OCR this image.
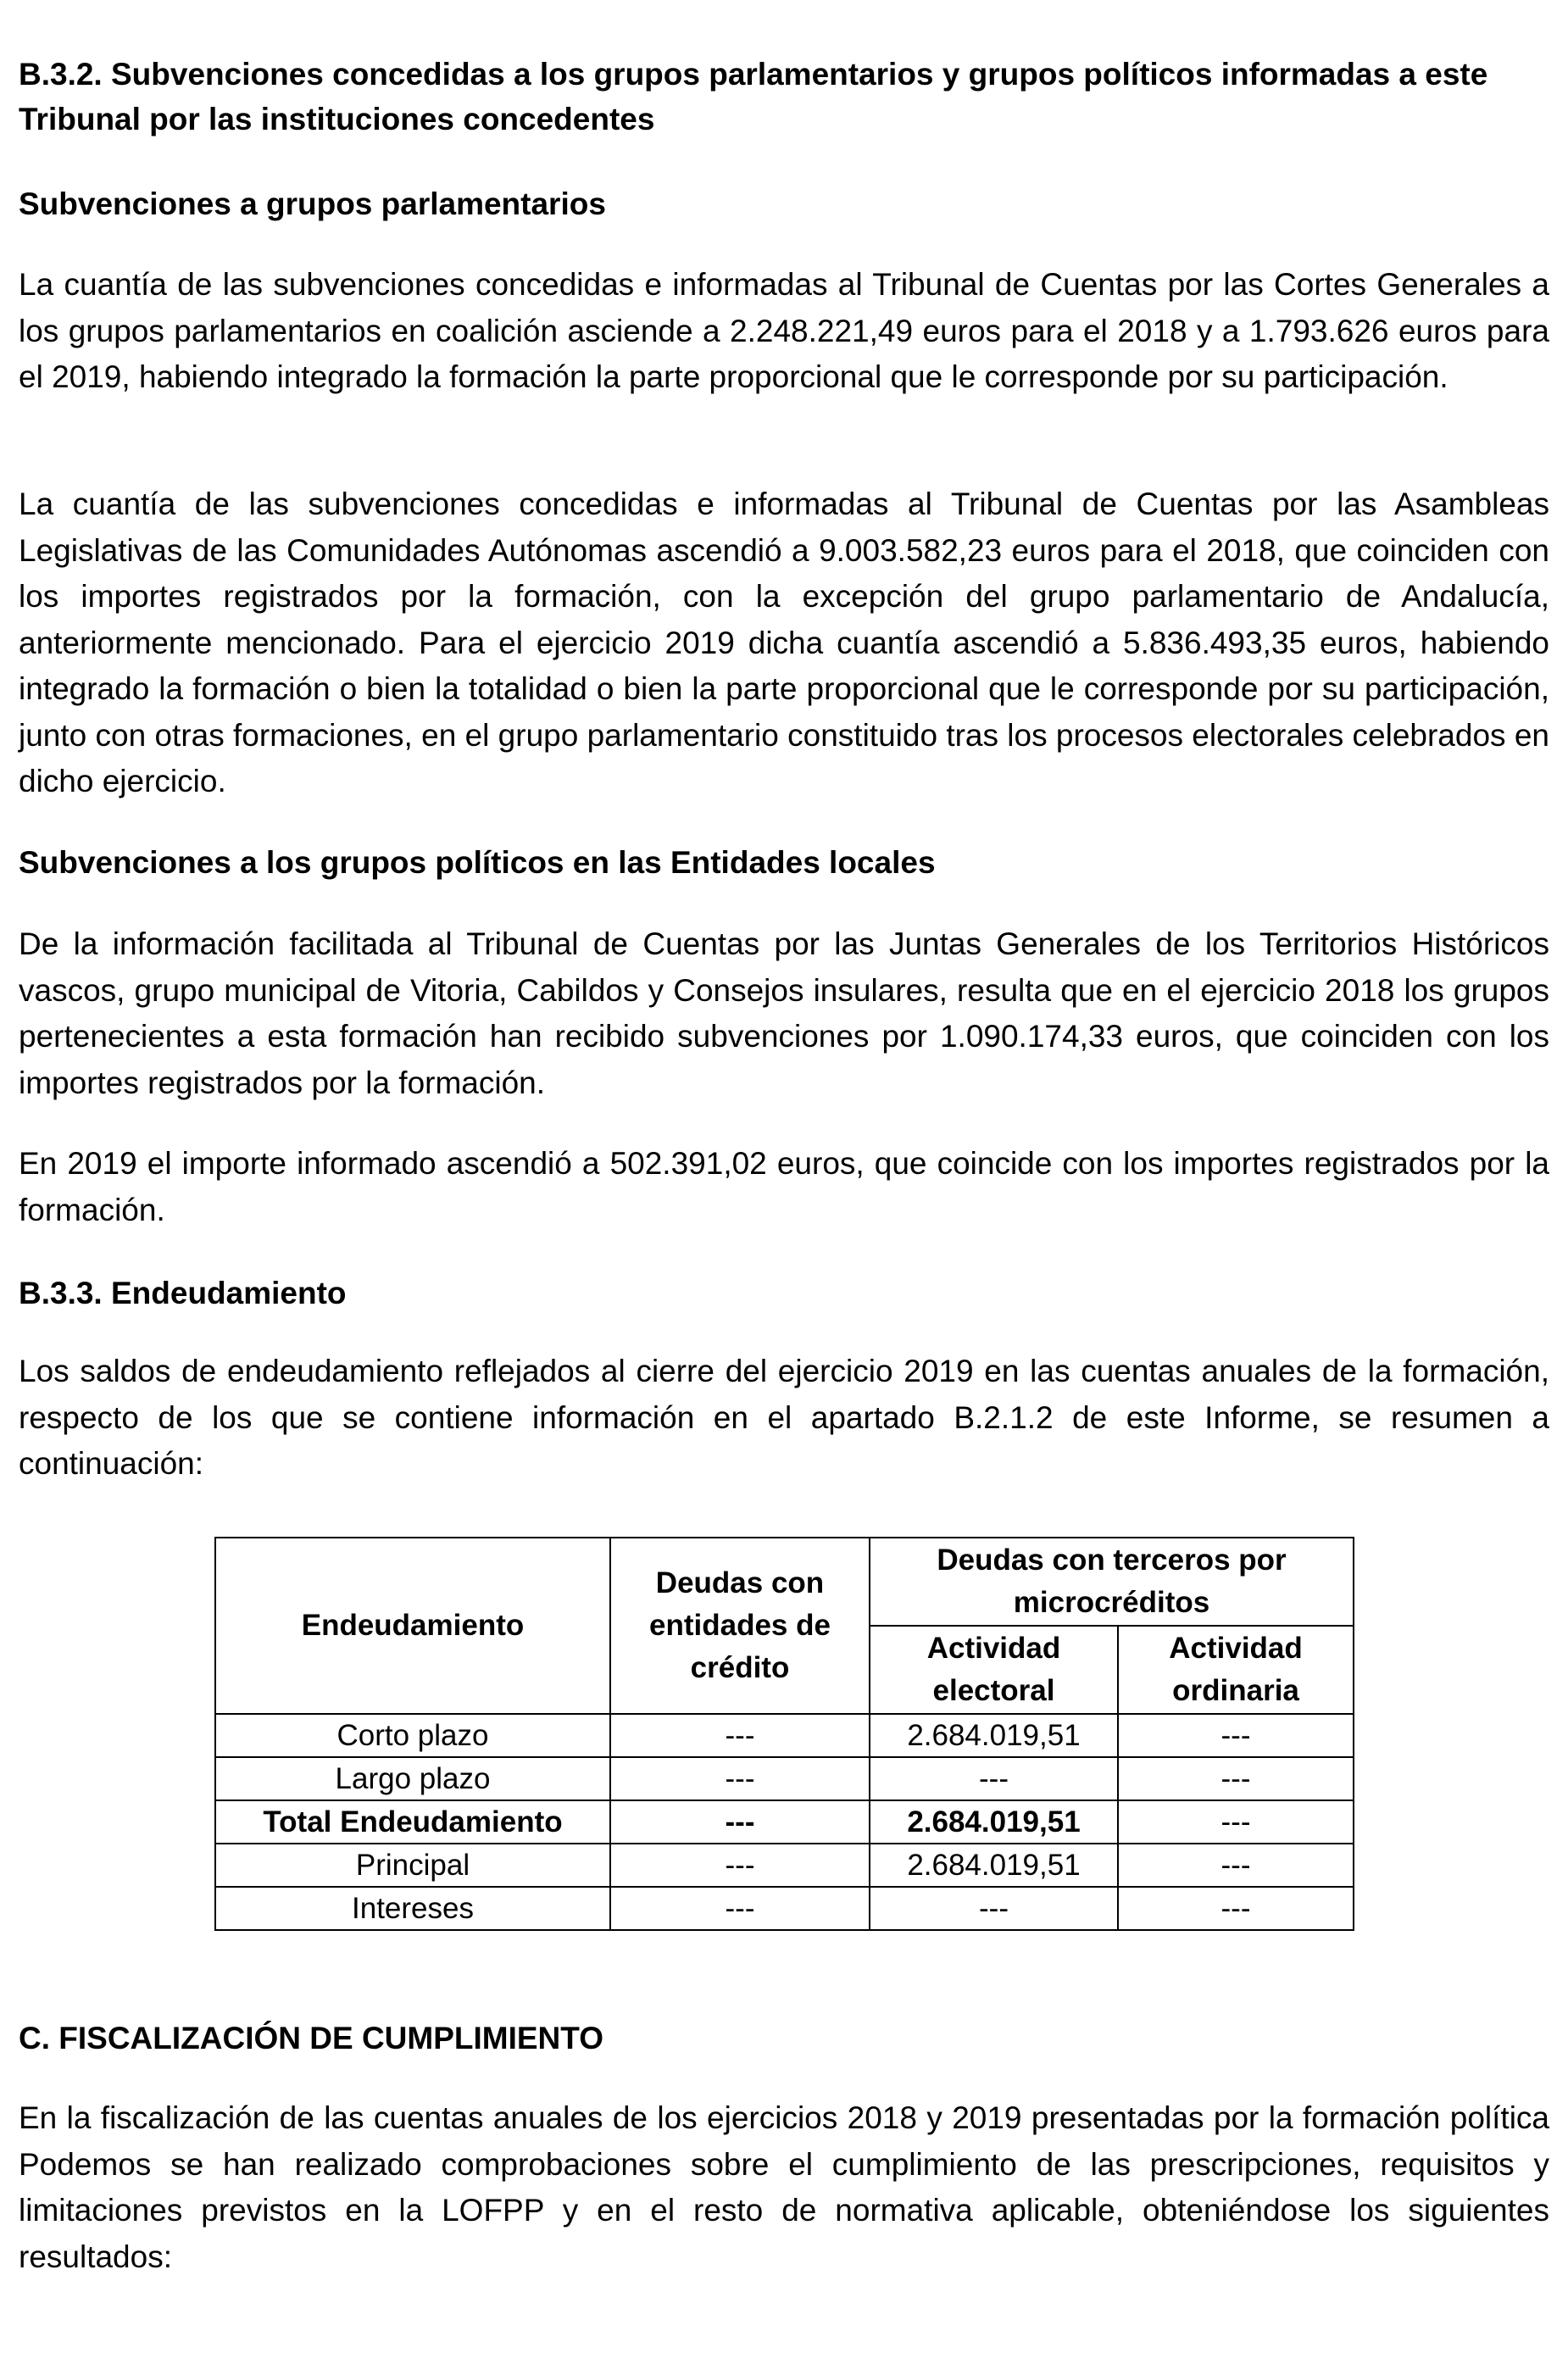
B.3.2. Subvenciones concedidas a los grupos parlamentarios y grupos políticos informadas a este Tribunal por las instituciones concedentes
Subvenciones a grupos parlamentarios

La cuantía de las subvenciones concedidas e informadas al Tribunal de Cuentas por las Cortes Generales a los grupos parlamentarios en coalición asciende a 2.248.221,49 euros para el 2018 y a 1.793.626 euros para el 2019, habiendo integrado la formación la parte proporcional que le corresponde por su participación.

La cuantía de las subvenciones concedidas e informadas al Tribunal de Cuentas por las Asambleas Legislativas de las Comunidades Autónomas ascendió a 9.003.582,23 euros para el 2018, que coinciden con los importes registrados por la formación, con la excepción del grupo parlamentario de Andalucía, anteriormente mencionado. Para el ejercicio 2019 dicha cuantía ascendió a 5.836.493,35 euros, habiendo integrado la formación o bien la totalidad o bien la parte proporcional que le corresponde por su participación, junto con otras formaciones, en el grupo parlamentario constituido tras los procesos electorales celebrados en dicho ejercicio.

Subvenciones a los grupos políticos en las Entidades locales

De la información facilitada al Tribunal de Cuentas por las Juntas Generales de los Territorios Históricos vascos, grupo municipal de Vitoria, Cabildos y Consejos insulares, resulta que en el ejercicio 2018 los grupos pertenecientes a esta formación han recibido subvenciones por 1.090.174,33 euros, que coinciden con los importes registrados por la formación.

En 2019 el importe informado ascendió a 502.391,02 euros, que coincide con los importes registrados por la formación.

B.3.3. Endeudamiento

Los saldos de endeudamiento reflejados al cierre del ejercicio 2019 en las cuentas anuales de la formación, respecto de los que se contiene información en el apartado B.2.1.2 de este Informe, se resumen a continuación:

C. FISCALIZACIÓN DE CUMPLIMIENTO

En la fiscalización de las cuentas anuales de los ejercicios 2018 y 2019 presentadas por la formación política Podemos se han realizado comprobaciones sobre el cumplimiento de las prescripciones, requisitos y limitaciones previstos en la LOFPP y en el resto de normativa aplicable, obteniéndose los siguientes resultados:

Endeudamiento	Deudas con entidades de crédito	Deudas con terceros por microcréditos	
		Actividad electoral	Actividad ordinaria
Corto plazo	---	2.684.019,51	---
Largo plazo	---	---	---
Total Endeudamiento	---	2.684.019,51	---
Principal	---	2.684.019,51	---
Intereses	---	---	---
